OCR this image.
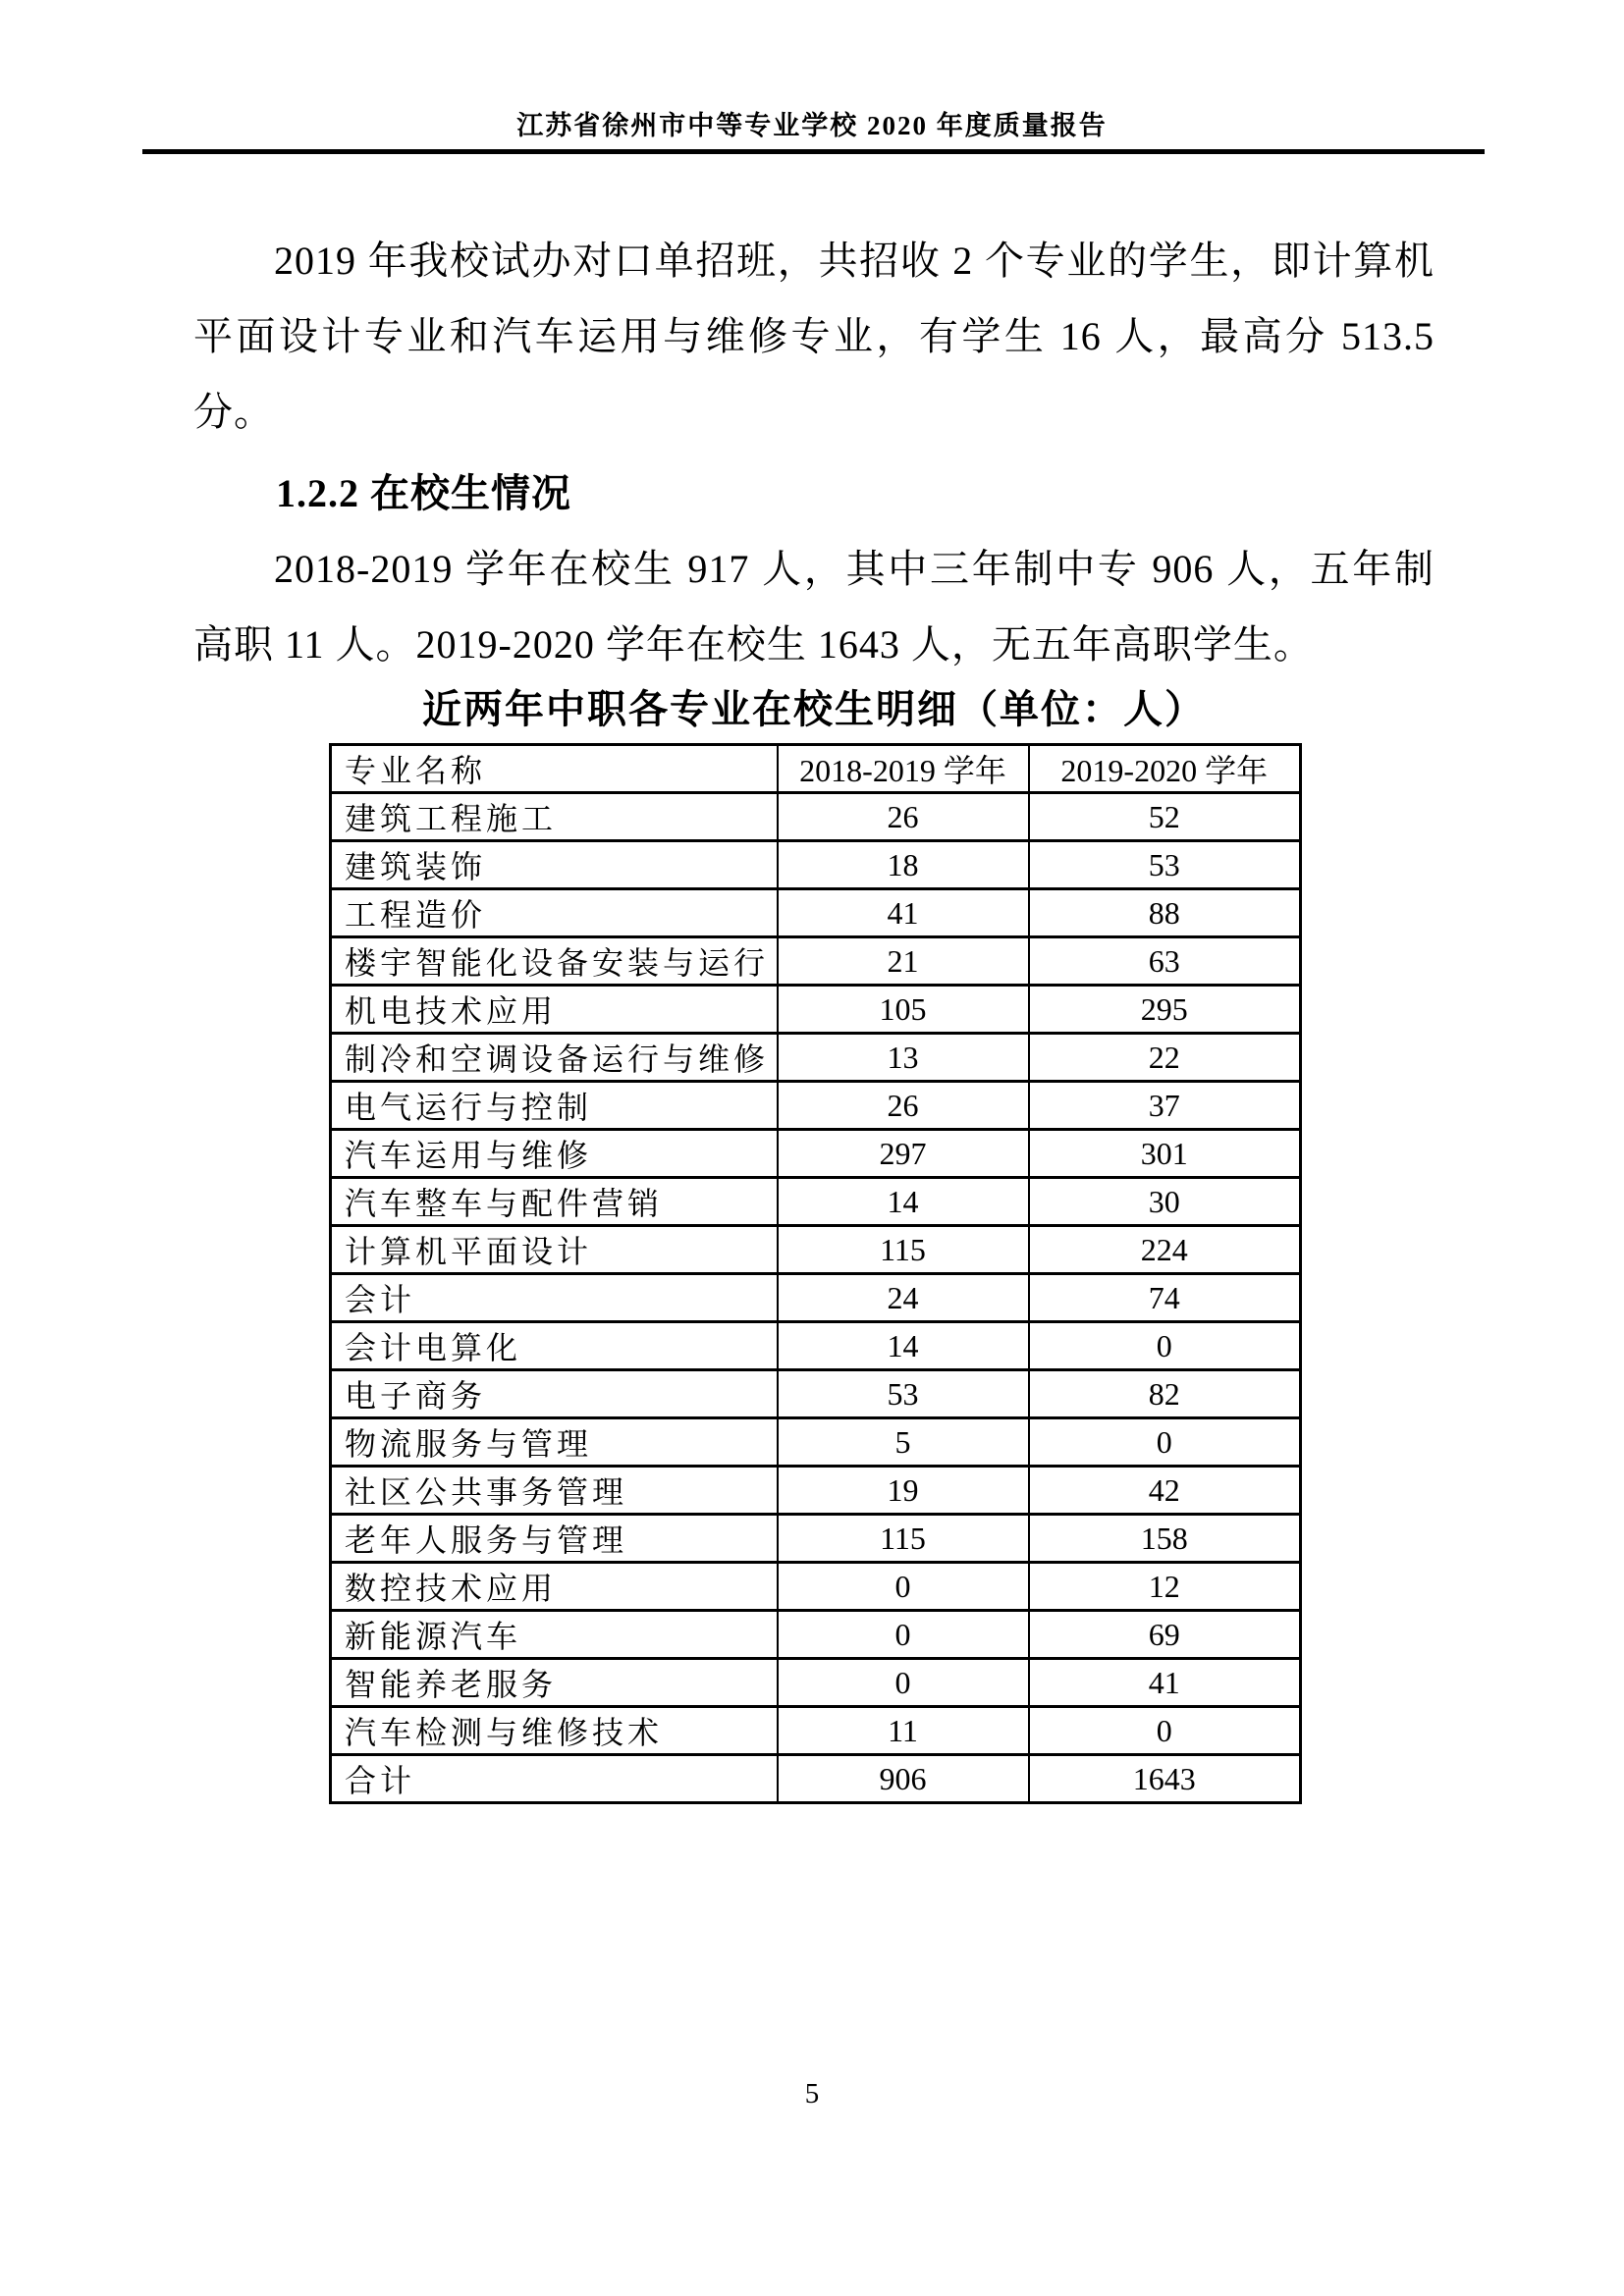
江苏省徐州市中等专业学校 2020 年度质量报告

2019 年我校试办对口单招班，共招收 2 个专业的学生，即计算机平面设计专业和汽车运用与维修专业，有学生 16 人，最高分 513.5 分。

1.2.2 在校生情况

2018-2019 学年在校生 917 人，其中三年制中专 906 人，五年制高职 11 人。2019-2020 学年在校生 1643 人，无五年高职学生。

近两年中职各专业在校生明细（单位：人）
专业名称	2018-2019 学年	2019-2020 学年
建筑工程施工	26	52
建筑装饰	18	53
工程造价	41	88
楼宇智能化设备安装与运行	21	63
机电技术应用	105	295
制冷和空调设备运行与维修	13	22
电气运行与控制	26	37
汽车运用与维修	297	301
汽车整车与配件营销	14	30
计算机平面设计	115	224
会计	24	74
会计电算化	14	0
电子商务	53	82
物流服务与管理	5	0
社区公共事务管理	19	42
老年人服务与管理	115	158
数控技术应用	0	12
新能源汽车	0	69
智能养老服务	0	41
汽车检测与维修技术	11	0
合计	906	1643
5
